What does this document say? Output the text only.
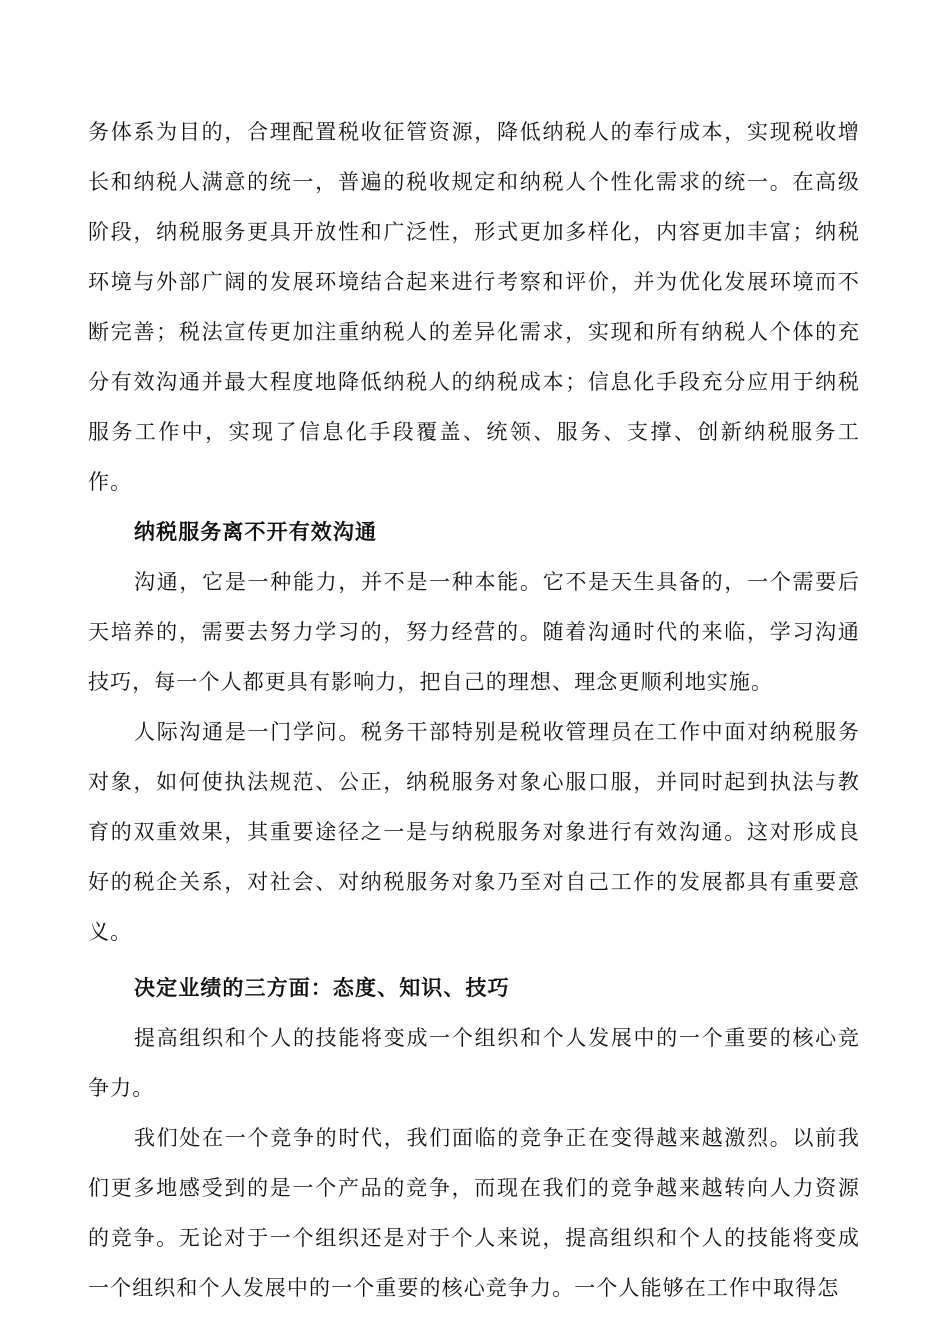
务体系为目的，合理配置税收征管资源，降低纳税人的奉行成本，实现税收增长和纳税人满意的统一，普遍的税收规定和纳税人个性化需求的统一。在高级阶段，纳税服务更具开放性和广泛性，形式更加多样化，内容更加丰富；纳税环境与外部广阔的发展环境结合起来进行考察和评价，并为优化发展环境而不断完善；税法宣传更加注重纳税人的差异化需求，实现和所有纳税人个体的充分有效沟通并最大程度地降低纳税人的纳税成本；信息化手段充分应用于纳税服务工作中，实现了信息化手段覆盖、统领、服务、支撑、创新纳税服务工作。

纳税服务离不开有效沟通

沟通，它是一种能力，并不是一种本能。它不是天生具备的，一个需要后天培养的，需要去努力学习的，努力经营的。随着沟通时代的来临，学习沟通技巧，每一个人都更具有影响力，把自己的理想、理念更顺利地实施。

人际沟通是一门学问。税务干部特别是税收管理员在工作中面对纳税服务对象，如何使执法规范、公正，纳税服务对象心服口服，并同时起到执法与教育的双重效果，其重要途径之一是与纳税服务对象进行有效沟通。这对形成良好的税企关系，对社会、对纳税服务对象乃至对自己工作的发展都具有重要意义。

决定业绩的三方面：态度、知识、技巧

提高组织和个人的技能将变成一个组织和个人发展中的一个重要的核心竞争力。

我们处在一个竞争的时代，我们面临的竞争正在变得越来越激烈。以前我们更多地感受到的是一个产品的竞争，而现在我们的竞争越来越转向人力资源的竞争。无论对于一个组织还是对于个人来说，提高组织和个人的技能将变成一个组织和个人发展中的一个重要的核心竞争力。一个人能够在工作中取得怎
